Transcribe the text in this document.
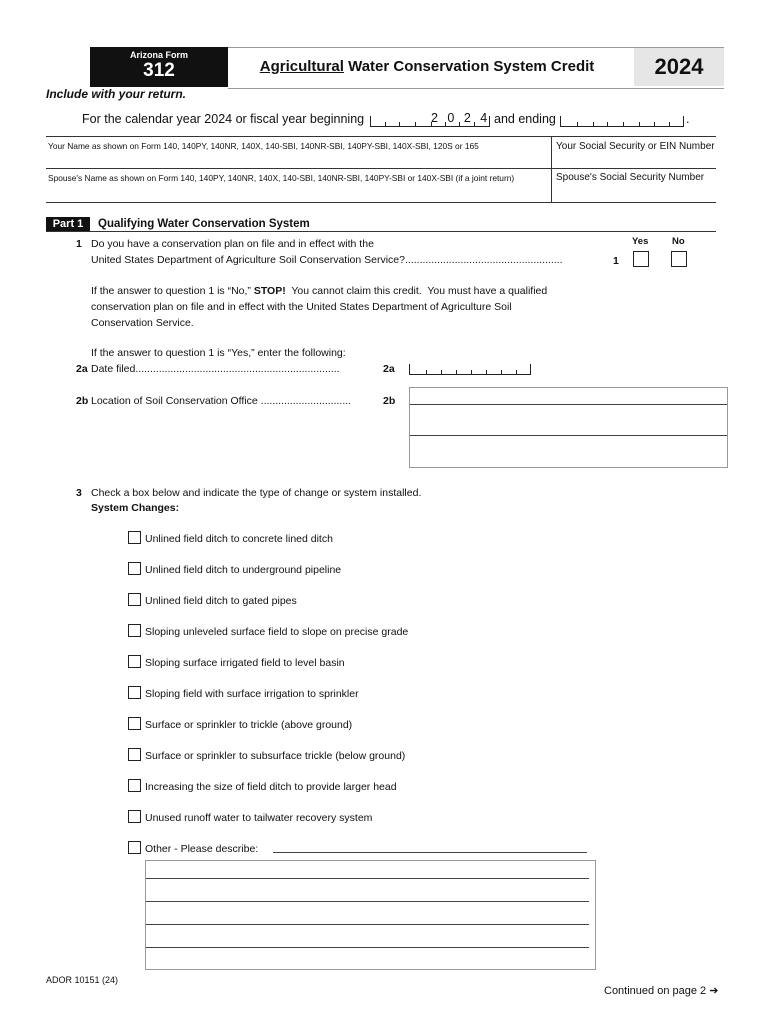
Arizona Form
312	Agricultural Water Conservation System Credit	2024
Include with your return.
For the calendar year 2024 or fiscal year beginning	2 0 2 4 and ending	.
Your Name as shown on Form 140, 140PY, 140NR, 140X, 140-SBI, 140NR-SBI, 140PY-SBI, 140X-SBI, 120S or 165	Your Social Security or EIN Number
Spouse's Name as shown on Form 140, 140PY, 140NR, 140X, 140-SBI, 140NR-SBI, 140PY-SBI or 140X-SBI (if a joint return)	Spouse's Social Security Number
Part 1	Qualifying Water Conservation System
Yes No
1 Do you have a conservation plan on file and in effect with the
United States Department of Agriculture Soil Conservation Service?......................................................	1
If the answer to question 1 is “No,” STOP!  You cannot claim this credit.  You must have a qualified
conservation plan on file and in effect with the United States Department of Agriculture Soil
Conservation Service.
If the answer to question 1 is “Yes,” enter the following:
2a Date filed......................................................................	2a
2b Location of Soil Conservation Office ...............................	2b
3 Check a box below and indicate the type of change or system installed.
System Changes:
Unlined field ditch to concrete lined ditch
Unlined field ditch to underground pipeline
Unlined field ditch to gated pipes
Sloping unleveled surface field to slope on precise grade
Sloping surface irrigated field to level basin
Sloping field with surface irrigation to sprinkler
Surface or sprinkler to trickle (above ground)
Surface or sprinkler to subsurface trickle (below ground)
Increasing the size of field ditch to provide larger head
Unused runoff water to tailwater recovery system
Other - Please describe:
ADOR 10151 (24)
Continued on page 2 ➔
